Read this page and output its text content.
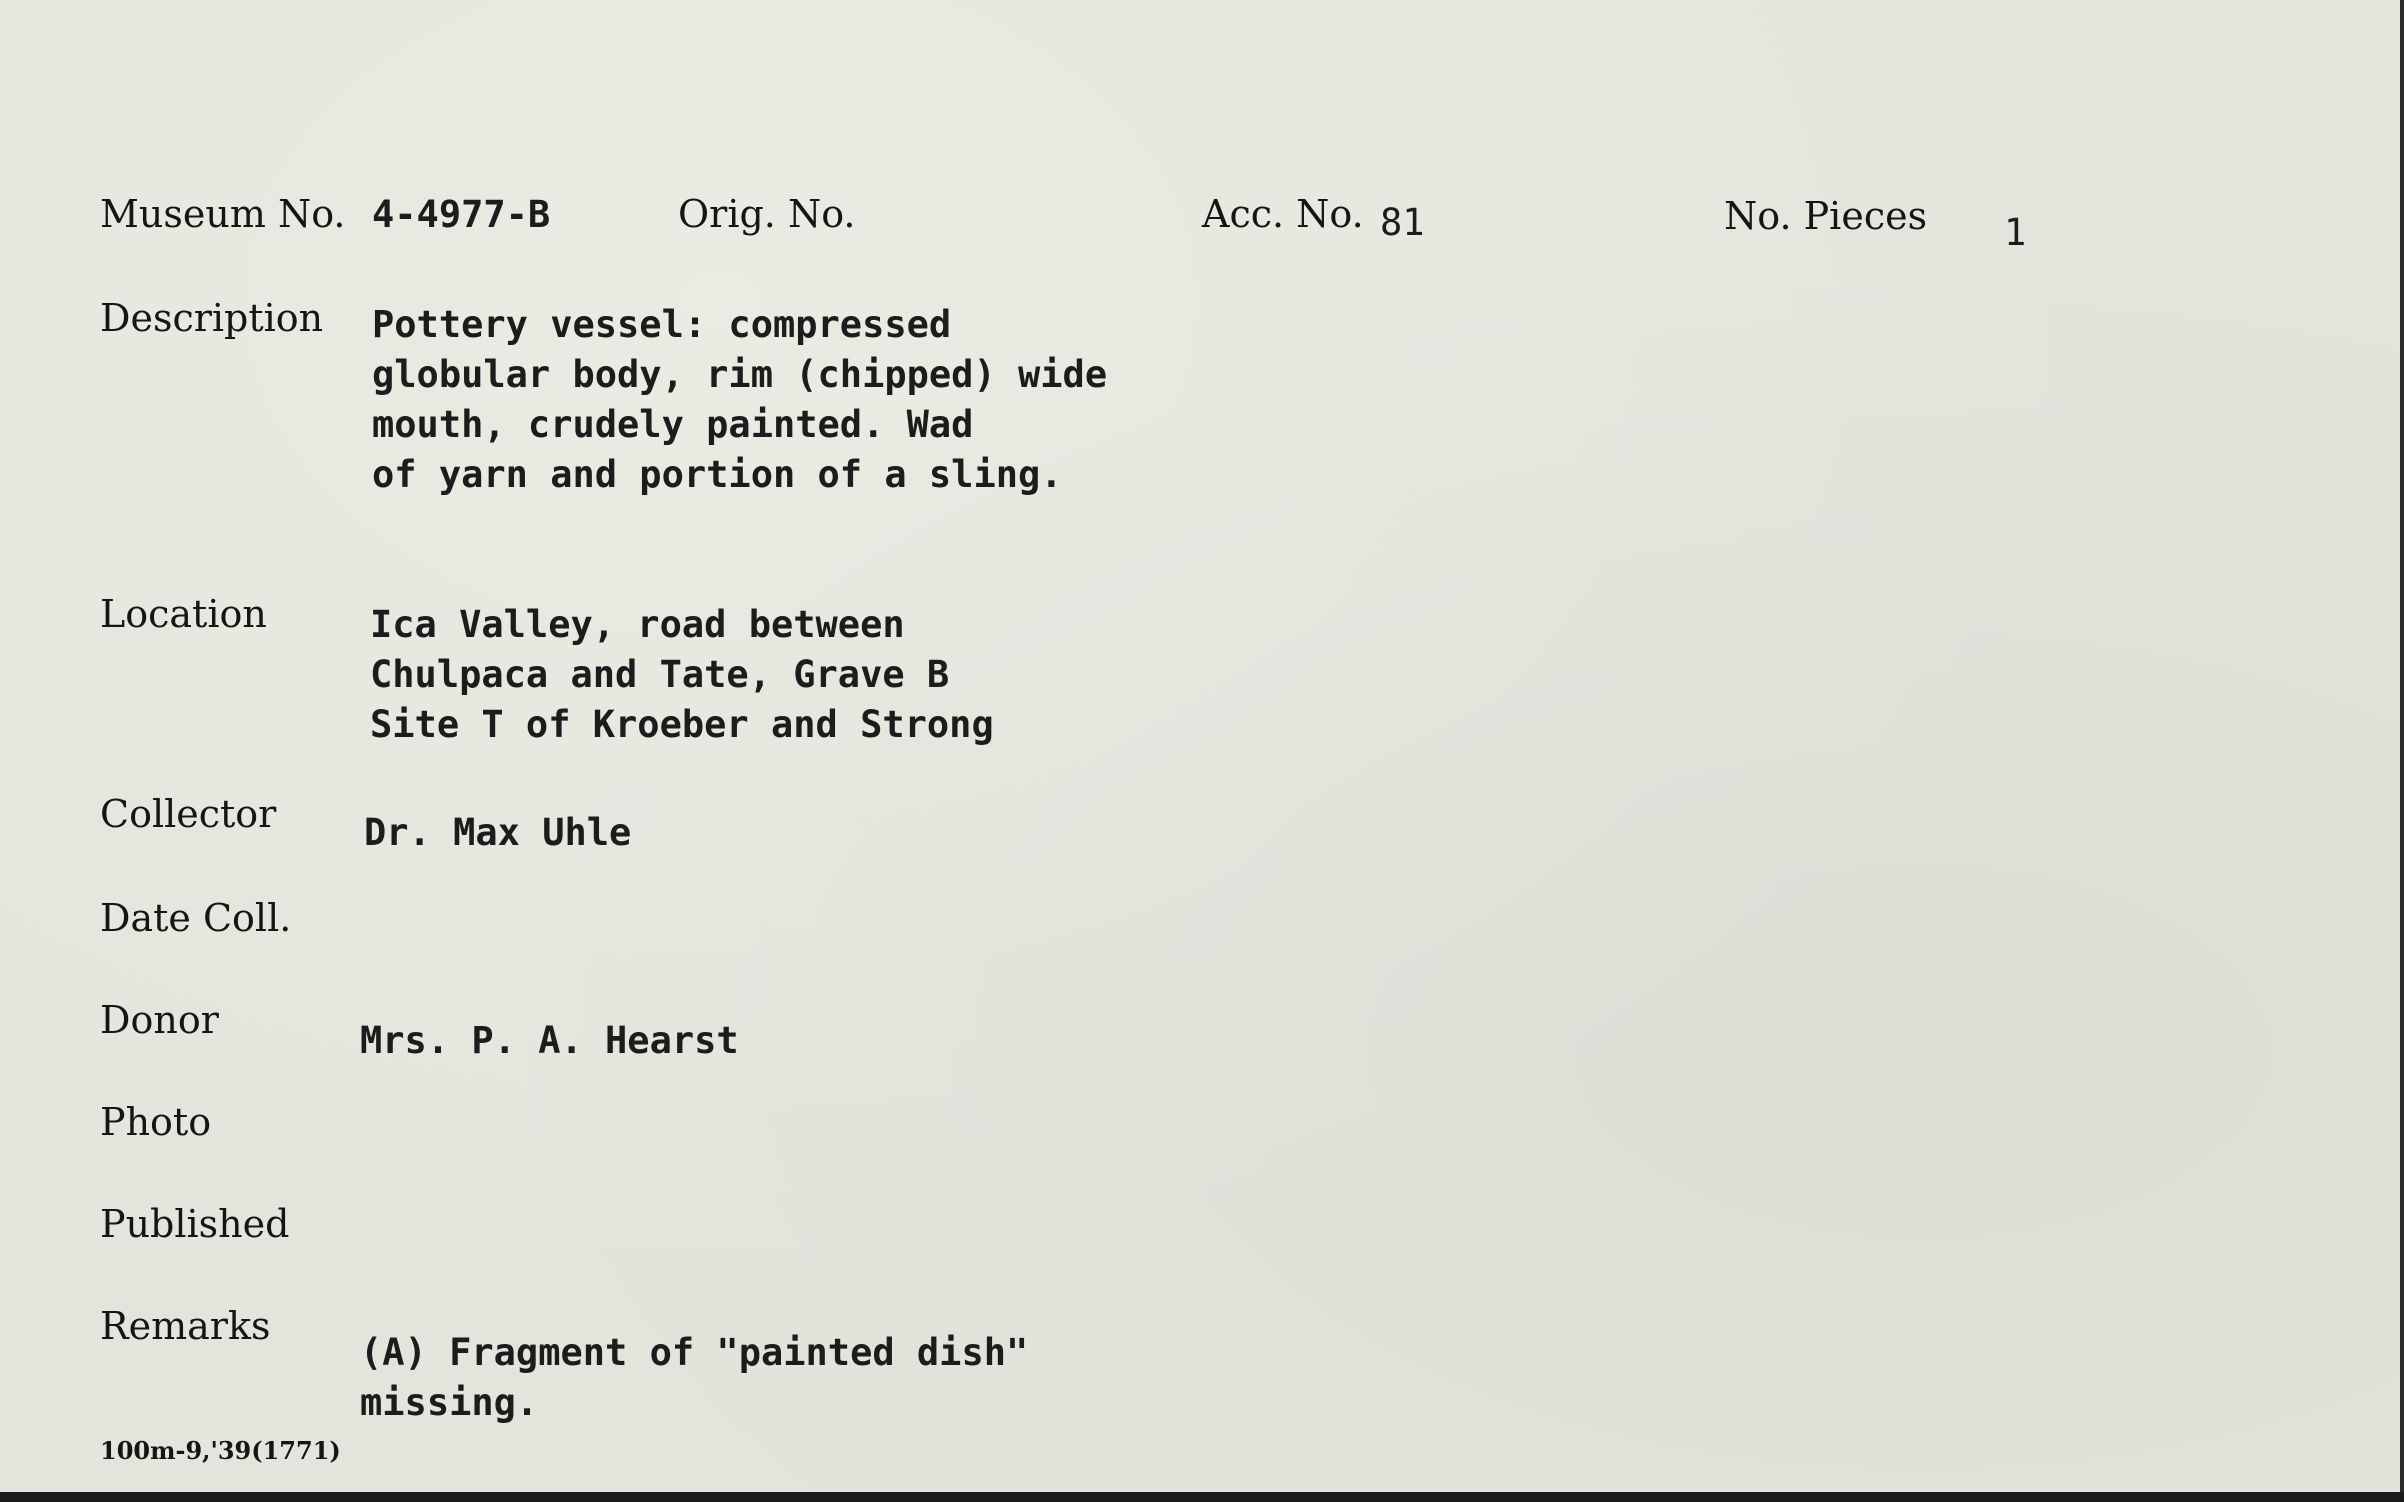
Museum No. 4-4977-B	Orig. No.	Acc. No. 81	No. Pieces 1
Description Pottery vessel: compressed
globular body, rim (chipped) wide
mouth, crudely painted. Wad
of yarn and portion of a sling.
Location	Ica Valley, road between
Chulpaca and Tate, Grave B
Site T of Kroeber and Strong
Collector Dr. Max Uhle
Date Coll.
Donor	Mrs. P. A. Hearst
Photo
Published
Remarks
(A) Fragment of "painted dish"
missing.
100m-9,'39(1771)
